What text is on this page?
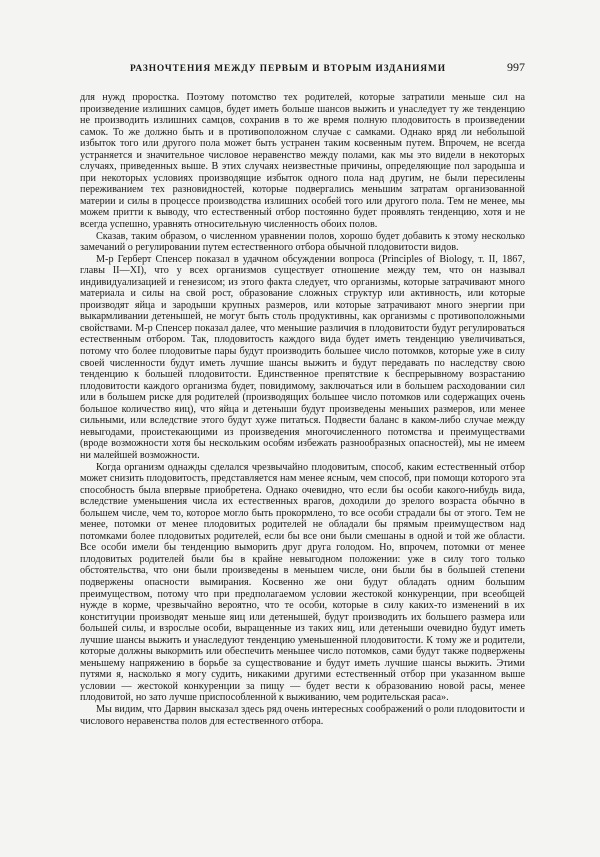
РАЗНОЧТЕНИЯ МЕЖДУ ПЕРВЫМ И ВТОРЫМ ИЗДАНИЯМИ	997

для нужд проростка. Поэтому потомство тех родителей, которые затратили меньше сил на произведение излишних самцов, будет иметь больше шансов выжить и унаследует ту же тенденцию не производить излишних самцов, сохранив в то же время полную плодовитость в произведении самок. То же должно быть и в противоположном случае с самками. Однако вряд ли небольшой избыток того или другого пола может быть устранен таким косвенным путем. Впрочем, не всегда устраняется и значительное числовое неравенство между полами, как мы это видели в некоторых случаях, приведенных выше. В этих случаях неизвестные причины, определяющие пол зародыша и при некоторых условиях производящие избыток одного пола над другим, не были пересилены переживанием тех разновидностей, которые подвергались меньшим затратам организованной материи и силы в процессе производства излишних особей того или другого пола. Тем не менее, мы можем притти к выводу, что естественный отбор постоянно будет проявлять тенденцию, хотя и не всегда успешно, уравнять относительную численность обоих полов.

Сказав, таким образом, о численном уравнении полов, хорошо будет добавить к этому несколько замечаний о регулировании путем естественного отбора обычной плодовитости видов.

М-р Герберт Спенсер показал в удачном обсуждении вопроса (Principles of Biology, т. II, 1867, главы II—XI), что у всех организмов существует отношение между тем, что он называл индивидуализацией и генезисом; из этого факта следует, что организмы, которые затрачивают много материала и силы на свой рост, образование сложных структур или активность, или которые производят яйца и зародыши крупных размеров, или которые затрачивают много энергии при выкармливании детенышей, не могут быть столь продуктивны, как организмы с противоположными свойствами. М-р Спенсер показал далее, что меньшие различия в плодовитости будут регулироваться естественным отбором. Так, плодовитость каждого вида будет иметь тенденцию увеличиваться, потому что более плодовитые пары будут производить большее число потомков, которые уже в силу своей численности будут иметь лучшие шансы выжить и будут передавать по наследству свою тенденцию к большей плодовитости. Единственное препятствие к беспрерывному возрастанию плодовитости каждого организма будет, повидимому, заключаться или в большем расходовании сил или в большем риске для родителей (производящих большее число потомков или содержащих очень большое количество яиц), что яйца и детеныши будут произведены меньших размеров, или менее сильными, или вследствие этого будут хуже питаться. Подвести баланс в каком-либо случае между невыгодами, проистекающими из произведения многочисленного потомства и преимуществами (вроде возможности хотя бы нескольким особям избежать разнообразных опасностей), мы не имеем ни малейшей возможности.

Когда организм однажды сделался чрезвычайно плодовитым, способ, каким естественный отбор может снизить плодовитость, представляется нам менее ясным, чем способ, при помощи которого эта способность была впервые приобретена. Однако очевидно, что если бы особи какого-нибудь вида, вследствие уменьшения числа их естественных врагов, доходили до зрелого возраста обычно в большем числе, чем то, которое могло быть прокормлено, то все особи страдали бы от этого. Тем не менее, потомки от менее плодовитых родителей не обладали бы прямым преимуществом над потомками более плодовитых родителей, если бы все они были смешаны в одной и той же области. Все особи имели бы тенденцию выморить друг друга голодом. Но, впрочем, потомки от менее плодовитых родителей были бы в крайне невыгодном положении: уже в силу того только обстоятельства, что они были произведены в меньшем числе, они были бы в большей степени подвержены опасности вымирания. Косвенно же они будут обладать одним большим преимуществом, потому что при предполагаемом условии жестокой конкуренции, при всеобщей нужде в корме, чрезвычайно вероятно, что те особи, которые в силу каких-то изменений в их конституции производят меньше яиц или детенышей, будут производить их большего размера или большей силы, и взрослые особи, выращенные из таких яиц, или детеныши очевидно будут иметь лучшие шансы выжить и унаследуют тенденцию уменьшенной плодовитости. К тому же и родители, которые должны выкормить или обеспечить меньшее число потомков, сами будут также подвержены меньшему напряжению в борьбе за существование и будут иметь лучшие шансы выжить. Этими путями я, насколько я могу судить, никакими другими естественный отбор при указанном выше условии — жестокой конкуренции за пищу — будет вести к образованию новой расы, менее плодовитой, но зато лучше приспособленной к выживанию, чем родительская раса».

Мы видим, что Дарвин высказал здесь ряд очень интересных соображений о роли плодовитости и числового неравенства полов для естественного отбора.
